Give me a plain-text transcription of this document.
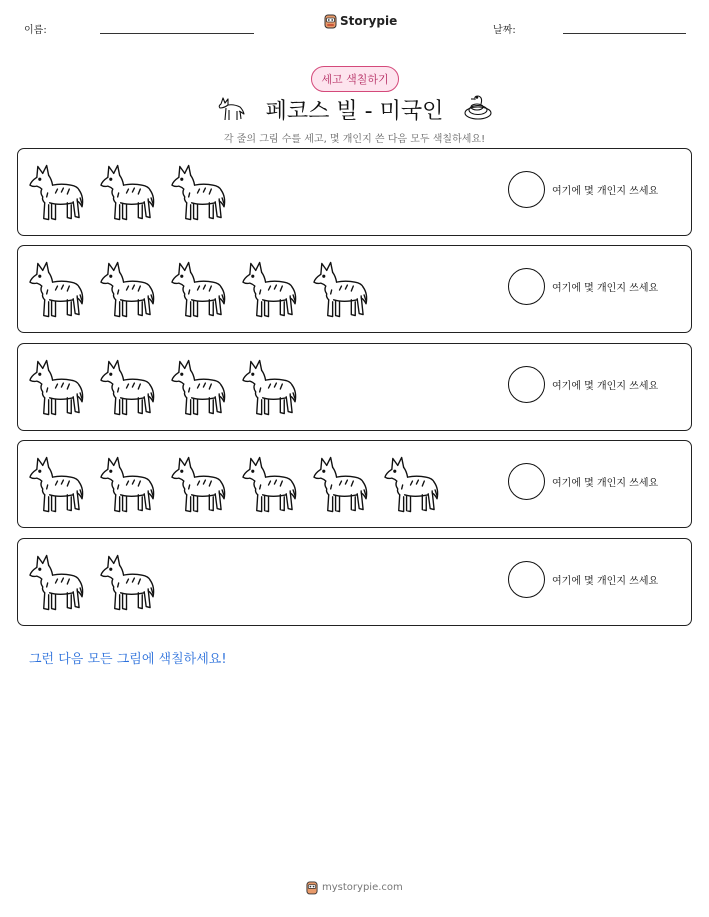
이름:
Storypie
날짜:
세고 색칠하기
페코스 빌 - 미국인
각 줄의 그림 수를 세고, 몇 개인지 쓴 다음 모두 색칠하세요!
여기에 몇 개인지 쓰세요
여기에 몇 개인지 쓰세요
여기에 몇 개인지 쓰세요
여기에 몇 개인지 쓰세요
여기에 몇 개인지 쓰세요
그런 다음 모든 그림에 색칠하세요!
mystorypie.com
